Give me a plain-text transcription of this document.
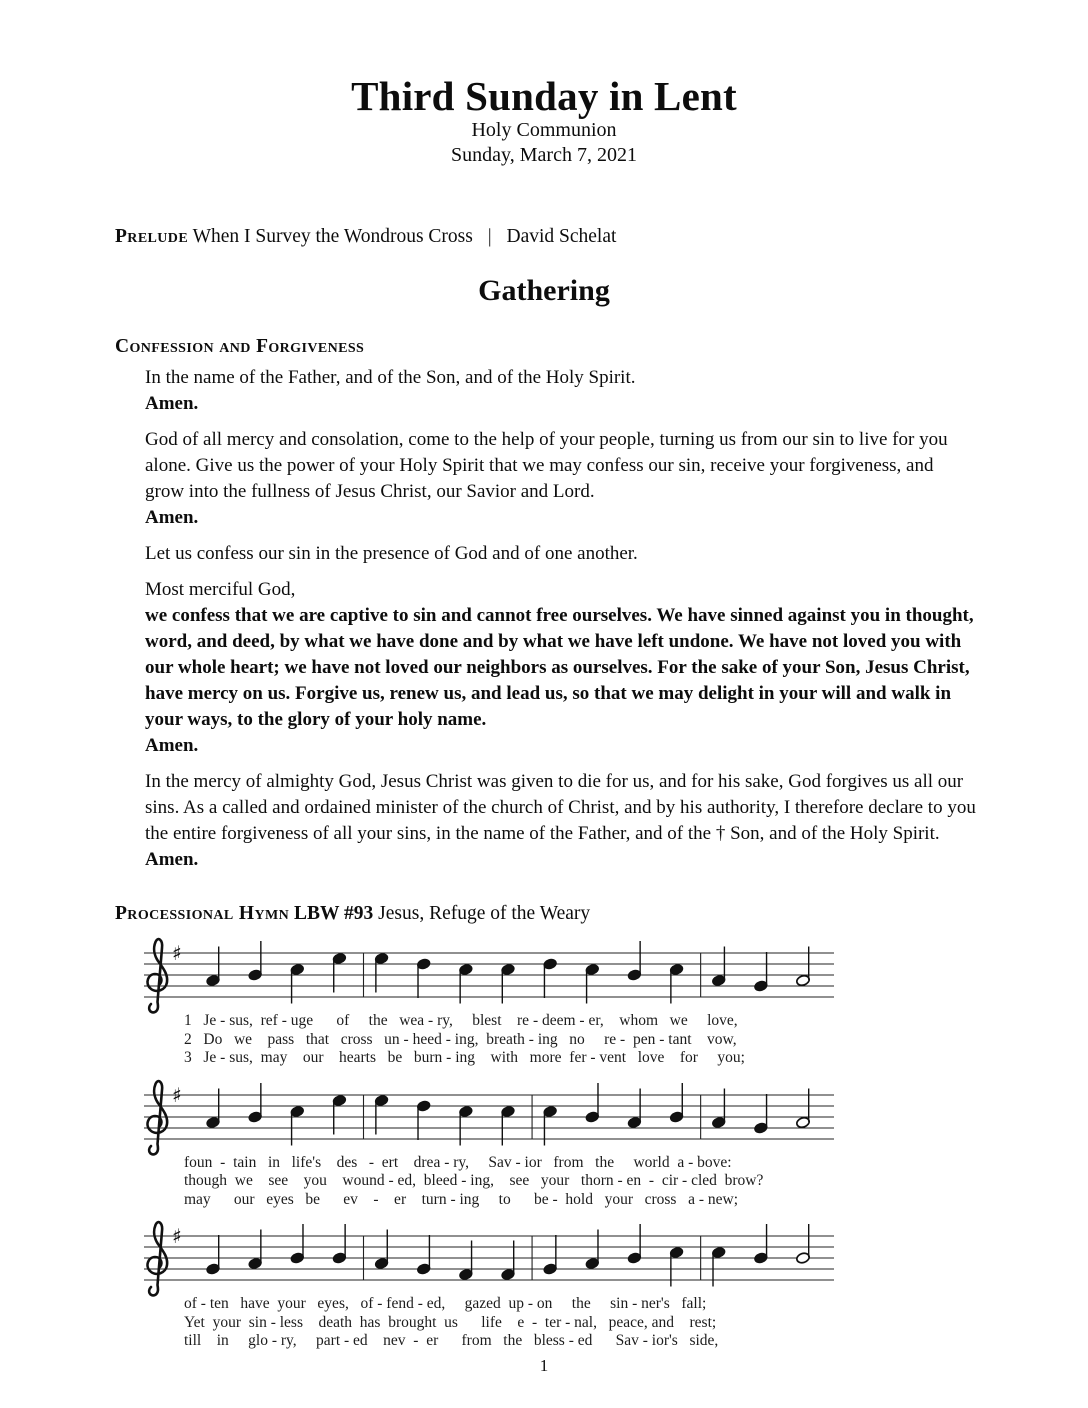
Third Sunday in Lent
Holy Communion
Sunday, March 7, 2021
Prelude When I Survey the Wondrous Cross | David Schelat
Gathering
Confession and Forgiveness
In the name of the Father, and of the Son, and of the Holy Spirit.
Amen.
God of all mercy and consolation, come to the help of your people, turning us from our sin to live for you alone. Give us the power of your Holy Spirit that we may confess our sin, receive your forgiveness, and grow into the fullness of Jesus Christ, our Savior and Lord.
Amen.
Let us confess our sin in the presence of God and of one another.
Most merciful God,
we confess that we are captive to sin and cannot free ourselves. We have sinned against you in thought, word, and deed, by what we have done and by what we have left undone. We have not loved you with our whole heart; we have not loved our neighbors as ourselves. For the sake of your Son, Jesus Christ, have mercy on us. Forgive us, renew us, and lead us, so that we may delight in your will and walk in your ways, to the glory of your holy name.
Amen.
In the mercy of almighty God, Jesus Christ was given to die for us, and for his sake, God forgives us all our sins. As a called and ordained minister of the church of Christ, and by his authority, I therefore declare to you the entire forgiveness of all your sins, in the name of the Father, and of the † Son, and of the Holy Spirit.
Amen.
Processional Hymn LBW #93 Jesus, Refuge of the Weary
♯
1   Je - sus,  ref - uge      of     the   wea - ry,     blest    re - deem - er,    whom   we     love,
2   Do   we    pass   that   cross   un - heed - ing,  breath - ing   no     re -  pen - tant    vow,
3   Je - sus,  may    our    hearts   be   burn - ing    with   more  fer - vent   love    for     you;
♯
foun  -  tain   in   life's    des   -  ert    drea - ry,     Sav - ior   from   the     world  a - bove:
though  we    see    you    wound - ed,  bleed - ing,    see   your   thorn - en  -  cir - cled  brow?
may      our   eyes   be      ev    -    er    turn - ing     to      be -  hold   your   cross   a - new;
♯
of - ten   have  your   eyes,   of - fend - ed,     gazed  up - on     the     sin - ner's   fall;
Yet  your  sin - less    death  has  brought  us      life    e  -  ter - nal,   peace, and    rest;
till    in     glo - ry,     part - ed    nev  -  er      from   the   bless - ed      Sav - ior's   side,
1
